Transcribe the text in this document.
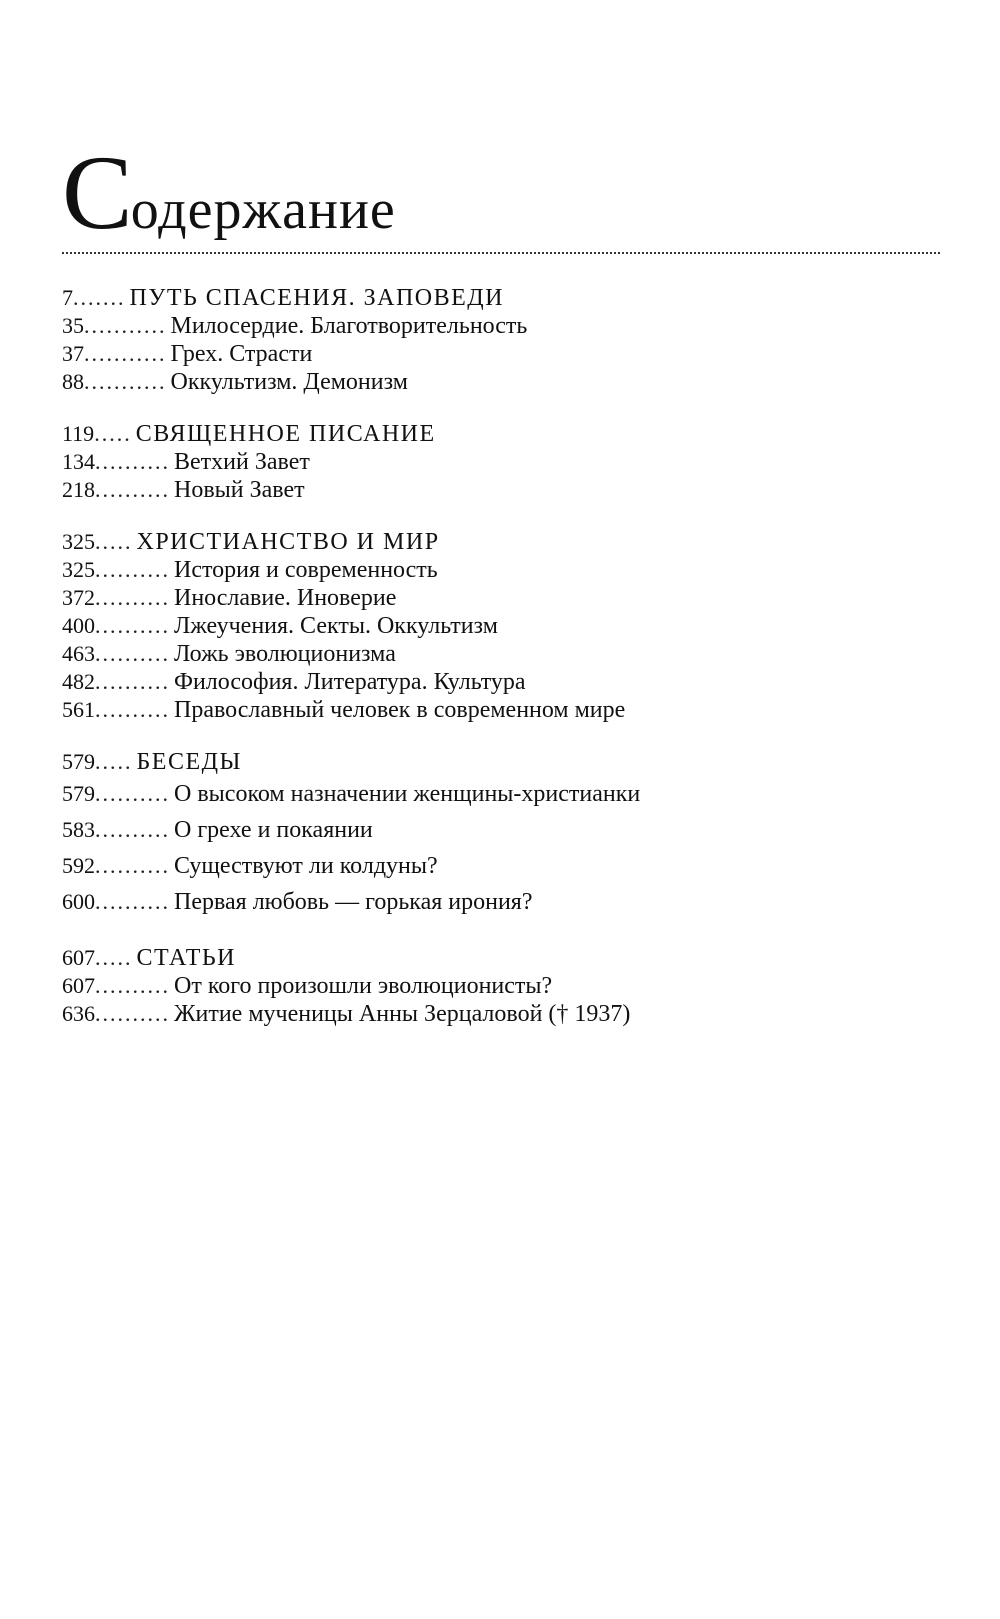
Содержание
7 ....... ПУТЬ СПАСЕНИЯ. ЗАПОВЕДИ
35 ........... Милосердие. Благотворительность
37 ........... Грех. Страсти
88 ........... Оккультизм. Демонизм
119 ..... СВЯЩЕННОЕ ПИСАНИЕ
134 .......... Ветхий Завет
218 .......... Новый Завет
325 ..... ХРИСТИАНСТВО И МИР
325 .......... История и современность
372 .......... Инославие. Иноверие
400 .......... Лжеучения. Секты. Оккультизм
463 .......... Ложь эволюционизма
482 .......... Философия. Литература. Культура
561 .......... Православный человек в современном мире
579 ..... БЕСЕДЫ
579 .......... О высоком назначении женщины-христианки
583 .......... О грехе и покаянии
592 .......... Существуют ли колдуны?
600 .......... Первая любовь — горькая ирония?
607 ..... СТАТЬИ
607 .......... От кого произошли эволюционисты?
636 .......... Житие мученицы Анны Зерцаловой († 1937)
